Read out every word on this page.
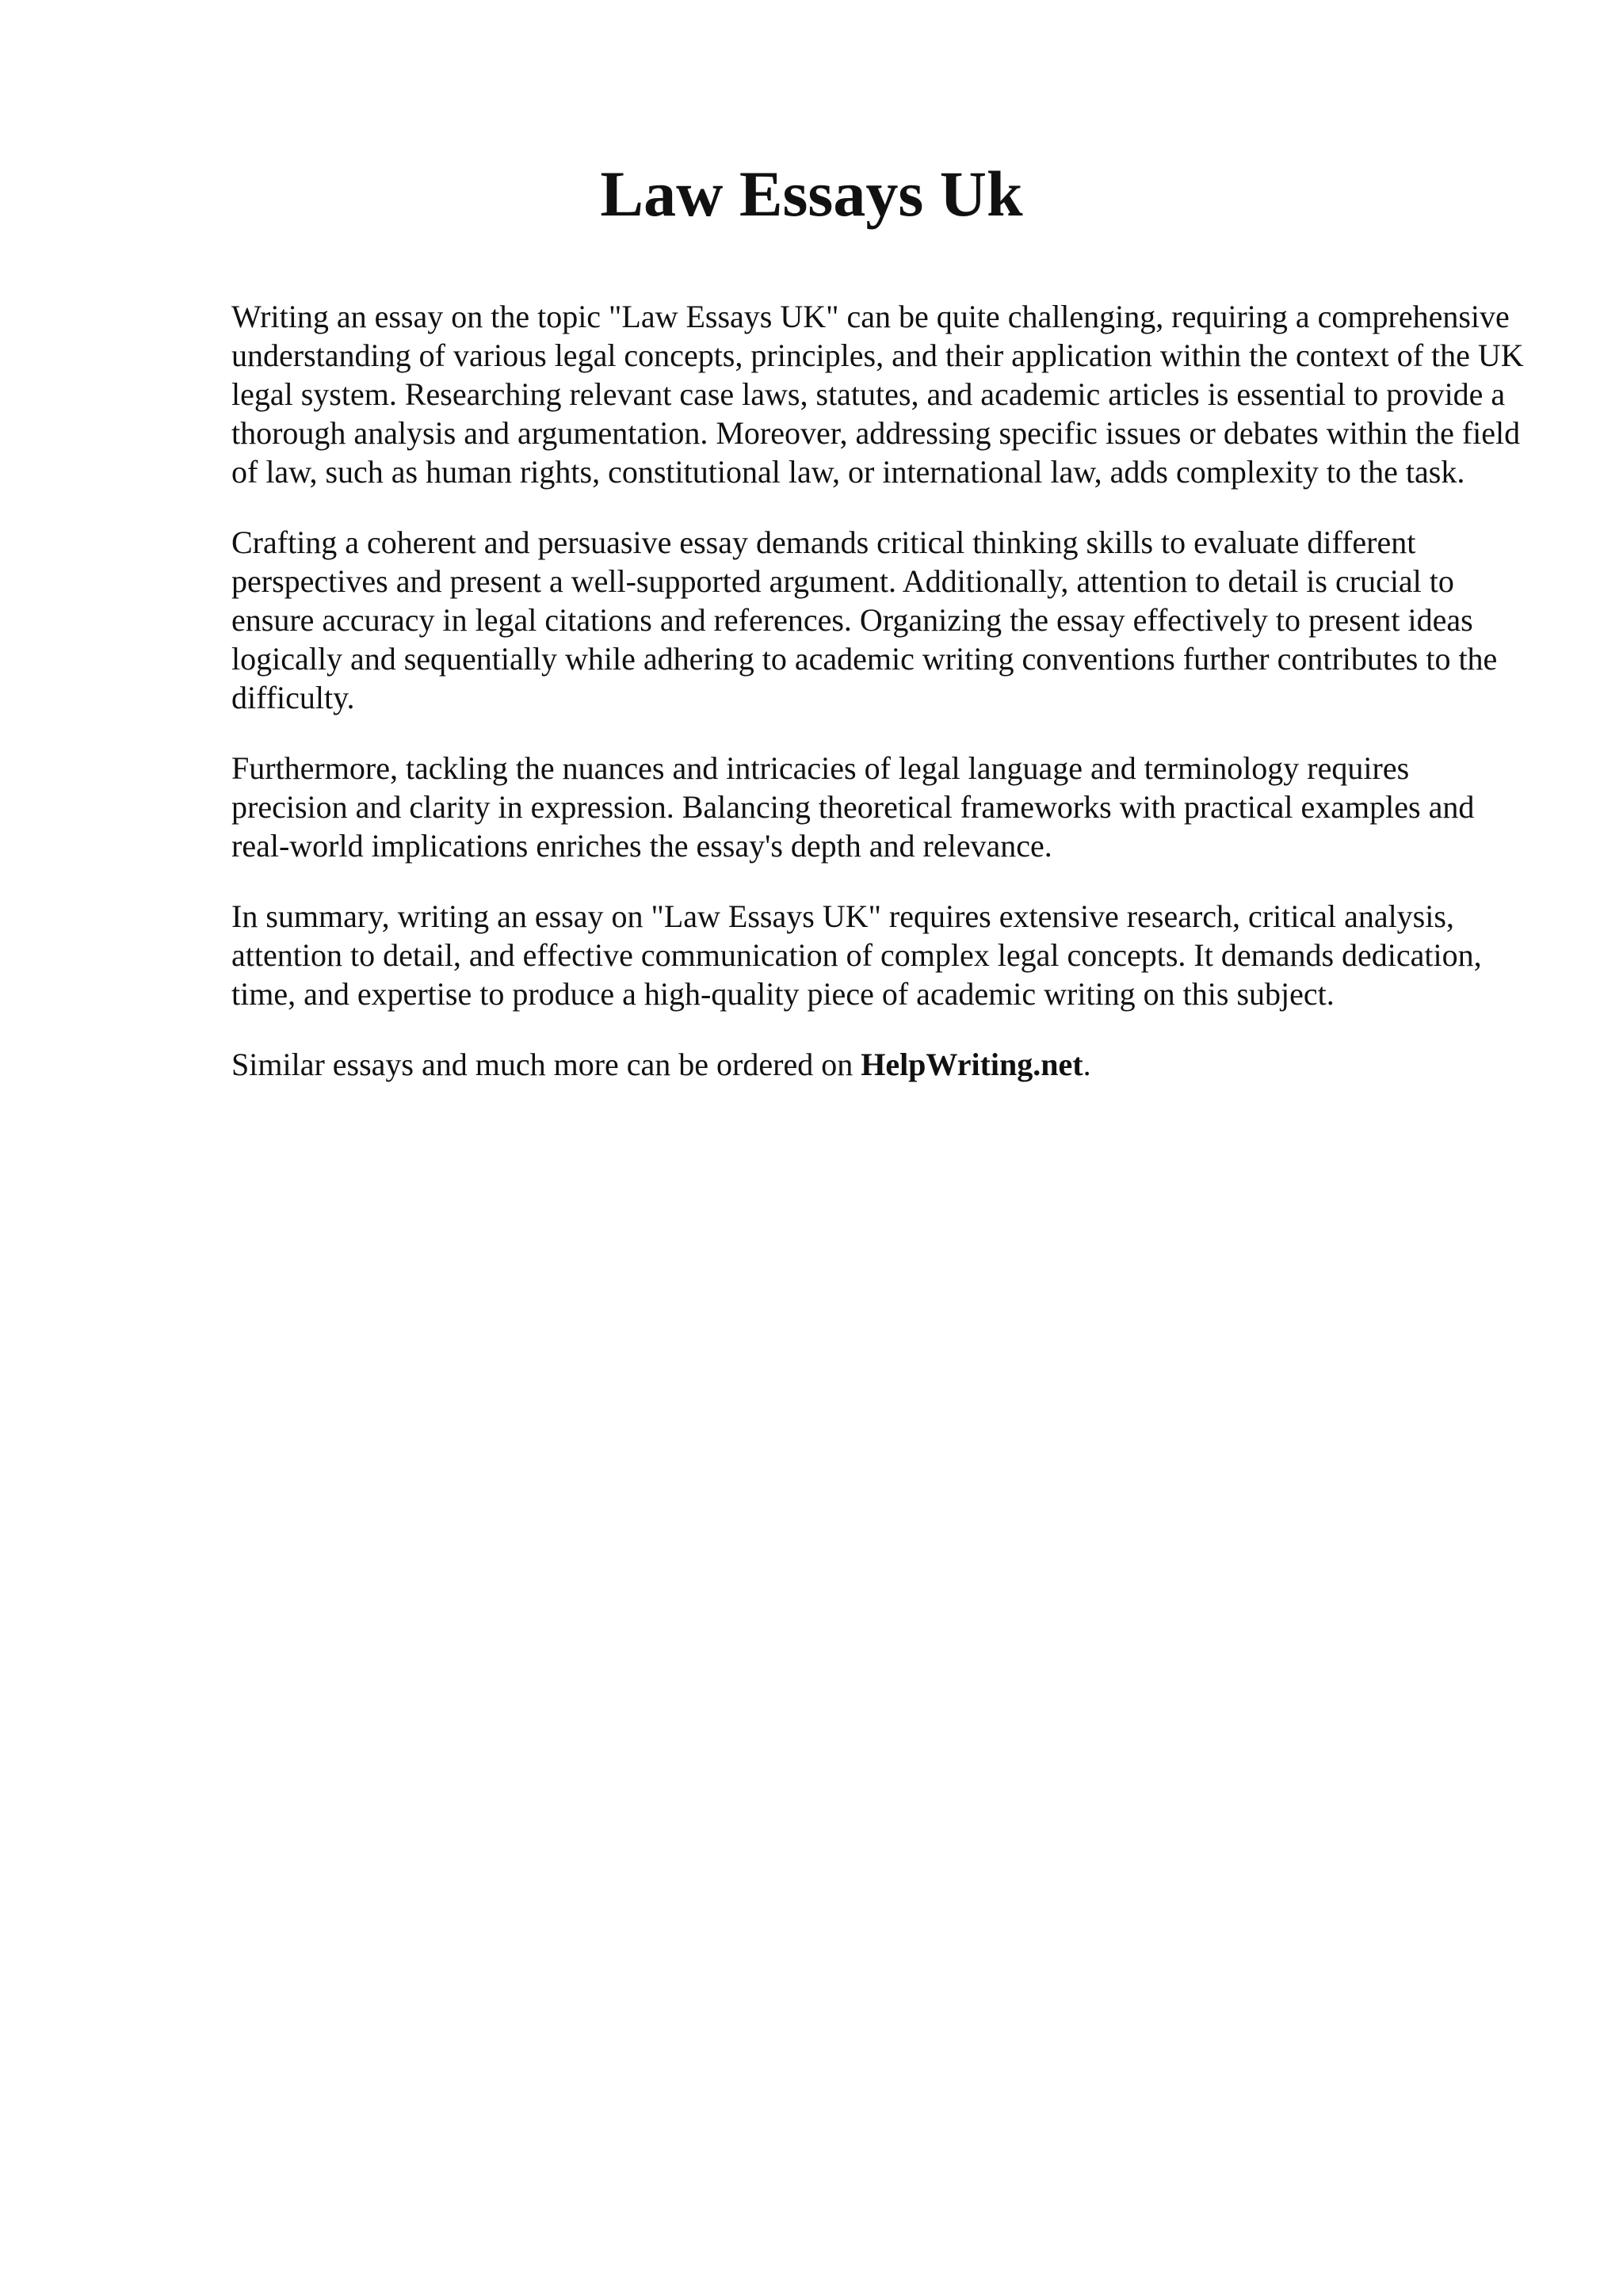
Law Essays Uk

Writing an essay on the topic "Law Essays UK" can be quite challenging, requiring a comprehensive understanding of various legal concepts, principles, and their application within the context of the UK legal system. Researching relevant case laws, statutes, and academic articles is essential to provide a thorough analysis and argumentation. Moreover, addressing specific issues or debates within the field of law, such as human rights, constitutional law, or international law, adds complexity to the task.

Crafting a coherent and persuasive essay demands critical thinking skills to evaluate different perspectives and present a well-supported argument. Additionally, attention to detail is crucial to ensure accuracy in legal citations and references. Organizing the essay effectively to present ideas logically and sequentially while adhering to academic writing conventions further contributes to the difficulty.

Furthermore, tackling the nuances and intricacies of legal language and terminology requires precision and clarity in expression. Balancing theoretical frameworks with practical examples and real-world implications enriches the essay's depth and relevance.

In summary, writing an essay on "Law Essays UK" requires extensive research, critical analysis, attention to detail, and effective communication of complex legal concepts. It demands dedication, time, and expertise to produce a high-quality piece of academic writing on this subject.

Similar essays and much more can be ordered on HelpWriting.net.
